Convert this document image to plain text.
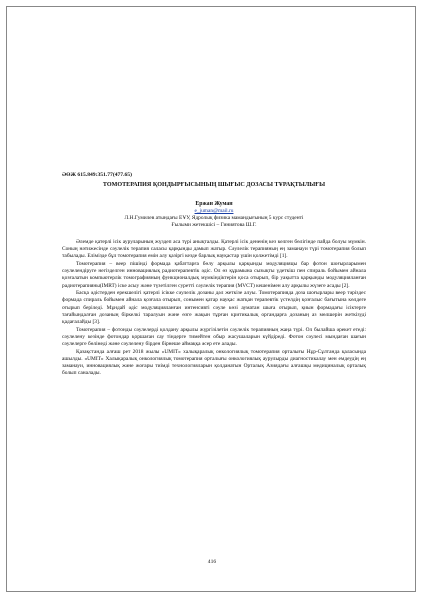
ӘӨЖ 615.849:351.77(477.65)

ТОМОТЕРАПИЯ ҚОНДЫРҒЫСЫНЫҢ ШЫҒЫС ДОЗАСЫ ТҰРАҚТЫЛЫҒЫ

Ержан Жуман
e_juman@mail.ru
Л.Н.Гумилев атындағы ЕҰУ, Ядролық физика мамандығының 5 курс студенті
Ғылыми жетекшісі – Гиниятова Ш.Г.

Әлемде қатерлі ісік ауруларының жүздеп аса түрі анықталды. Қатерлі ісік дененің кез келген бөлігінде пайда болуы мүмкін. Соның нәтижесінде сәулелік терапия саласы қарқынды дамып жатыр. Сәулелік терапияның ең заманауи түрі томотерапия болып табылады. Елімізде бұл томотерапия емін алу қазіргі кезде барлық науқастар үшін қолжетімді [1].

Томотерапия – веер пішінді формада қабаттарға бөлу арқылы қарқынды модуляцияцы бар фотон шоғырларымен сәулелендіруге негізделген инновациялық радиотерапевтік әдіс. Ол өз құрамына сызықты үдеткіш пен спираль бойымен айнала қозғалатын компьютерлік томографияның функционалдық мүмкіндіктерін қоса отырып, бір уақытта қарқынды модуляцияланған радиотерапияны(IMRT) іске асыу және түзетілген суретті сәулелік терапия (MVCT) кешенімен алу арқылы жүзеге асады [2].

Басқа әдістерден ерекшелігі қатерлі ісікке сәулелік дозаны дәл жеткізе алуы. Томотерапияда доза шоғырлары веер тәріздес формада спираль бойымен айнала қозғала отырып, сонымен қатар науқас жатқан терапевтік үстелдің қозғалыс бағытына көлдеге отырып беріледі. Мұндай әдіс модуляцияланған интенсивті сәуле көзі ауматан шыға отырып, қиын формадағы ісіктерге тағайындалған дозаның біркелкі таралуын және өзге жақын тұрған критикалық органдарға дозаның аз мөлшерін жеткізуді қадағалайды [3].

Томотерапия – фотонды сәулелерді қолдану арқылы жүргізілетін сәулелік терапияның жаңа түрі. Ол былайша әрекет етеді: сәулелену кезінде фотондар қоршаған сау тіндерге тимейтен обыр жасушаларын күйдіреді. Фотон сәулесі мындаған шағын сәулелерге бөлінеді және сәулелену бірден бірнеше аймаққа әсер ете алады.

Қазақстанда алғаш рет 2018 жылы «UMIT» халықаралық онкологиялық томотерапия орталығы Нұр-Сұлтанда қаласында ашылды. «UMIT» Халықаралық онкологиялық томотерапия орталығы онкологиялық аурулырды диагностикалау мен емдеудің ең заманауи, инновациялық және жоғары тиімді технологияларын қолданатын Орталық Азиядағы алғашқы медициналық орталық болып саналады.

416
